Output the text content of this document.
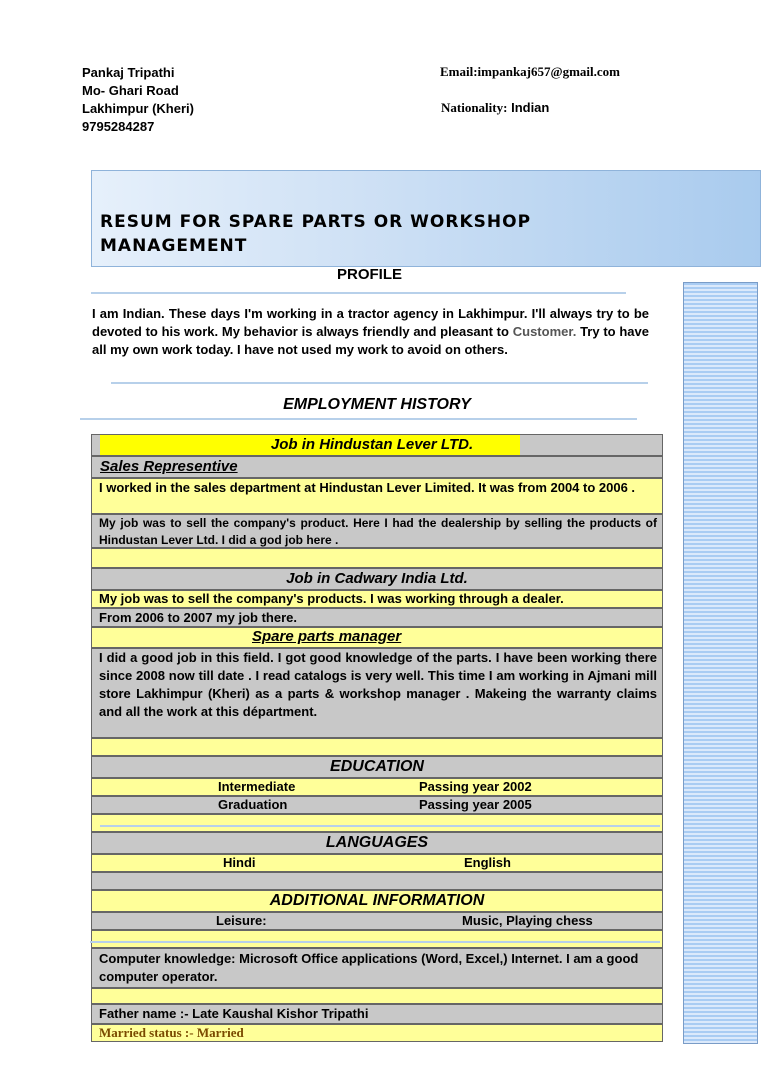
Pankaj Tripathi
Mo- Ghari Road
Lakhimpur (Kheri)
9795284287
Email:impankaj657@gmail.com
Nationality: Indian
RESUM FOR SPARE PARTS OR WORKSHOP MANAGEMENT
PROFILE
I am Indian. These days I'm working in a tractor agency in Lakhimpur. I'll always try to be devoted to his work. My behavior is always friendly and pleasant to Customer. Try to have all my own work today. I have not used my work to avoid on others.
EMPLOYMENT HISTORY
Job in Hindustan Lever LTD.
Sales Representive
I worked in the sales department at Hindustan Lever Limited. It was from 2004 to 2006 .
My job was to sell the company's product. Here I had the dealership by selling the products of Hindustan Lever Ltd. I did a god job here .
Job in Cadwary India Ltd.
My job was to sell the company's products. I was working through a dealer.
From 2006 to 2007 my job there.
Spare parts manager
I did a good job in this field. I got good knowledge of the parts. I have been working there since 2008 now till date . I read catalogs is very well. This time I am working in Ajmani mill store Lakhimpur (Kheri) as a parts & workshop manager . Makeing the warranty claims and all the work at this départment.
EDUCATION
Intermediate	Passing year 2002
Graduation	Passing year 2005
LANGUAGES
Hindi	English
ADDITIONAL INFORMATION
Leisure:	Music, Playing chess
Computer knowledge: Microsoft Office applications (Word, Excel,) Internet. I am a good computer operator.
Father name :- Late Kaushal Kishor Tripathi
Married status :- Married
